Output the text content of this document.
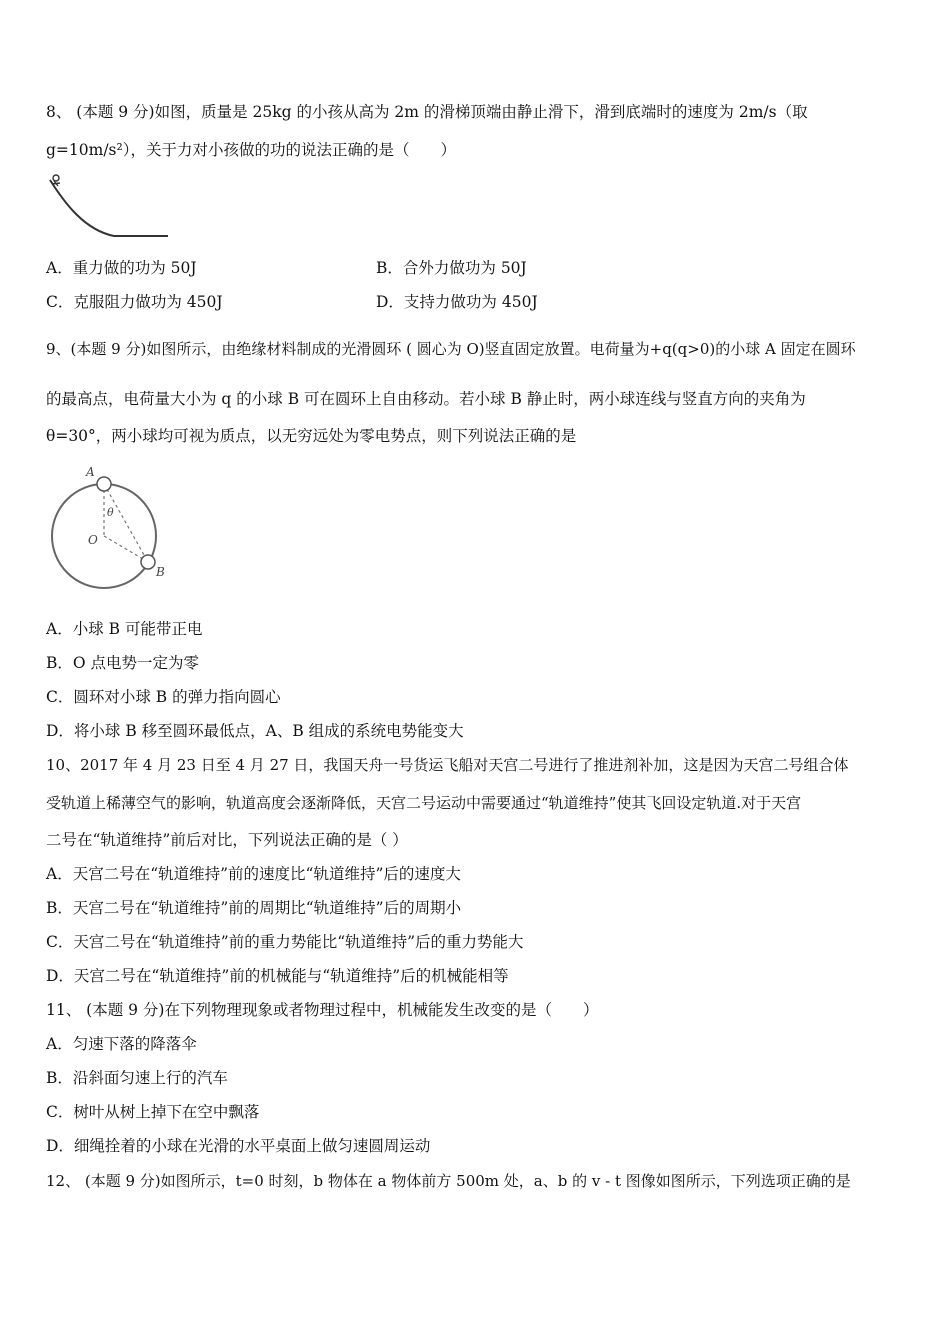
8、 (本题 9 分)如图，质量是 25kg 的小孩从高为 2m 的滑梯顶端由静止滑下，滑到底端时的速度为 2m/s（取
g=10m/s²），关于力对小孩做的功的说法正确的是（　　）
A．重力做的功为 50J	B．合外力做功为 50J
C．克服阻力做功为 450J	D．支持力做功为 450J
9、(本题 9 分)如图所示，由绝缘材料制成的光滑圆环 ( 圆心为 O)竖直固定放置。电荷量为+q(q>0)的小球 A 固定在圆环
的最高点，电荷量大小为 q 的小球 B 可在圆环上自由移动。若小球 B 静止时，两小球连线与竖直方向的夹角为
θ=30°，两小球均可视为质点，以无穷远处为零电势点，则下列说法正确的是
A
θ
O
B
A．小球 B 可能带正电
B．O 点电势一定为零
C．圆环对小球 B 的弹力指向圆心
D．将小球 B 移至圆环最低点，A、B 组成的系统电势能变大
10、2017 年 4 月 23 日至 4 月 27 日，我国天舟一号货运飞船对天宫二号进行了推进剂补加，这是因为天宫二号组合体
受轨道上稀薄空气的影响，轨道高度会逐渐降低，天宫二号运动中需要通过“轨道维持”使其飞回设定轨道.对于天宫
二号在“轨道维持”前后对比，下列说法正确的是（ ）
A．天宫二号在“轨道维持”前的速度比“轨道维持”后的速度大
B．天宫二号在“轨道维持”前的周期比“轨道维持”后的周期小
C．天宫二号在“轨道维持”前的重力势能比“轨道维持”后的重力势能大
D．天宫二号在“轨道维持”前的机械能与“轨道维持”后的机械能相等
11、 (本题 9 分)在下列物理现象或者物理过程中，机械能发生改变的是（　　）
A．匀速下落的降落伞
B．沿斜面匀速上行的汽车
C．树叶从树上掉下在空中飘落
D．细绳拴着的小球在光滑的水平桌面上做匀速圆周运动
12、 (本题 9 分)如图所示，t=0 时刻，b 物体在 a 物体前方 500m 处，a、b 的 v - t 图像如图所示，下列选项正确的是
